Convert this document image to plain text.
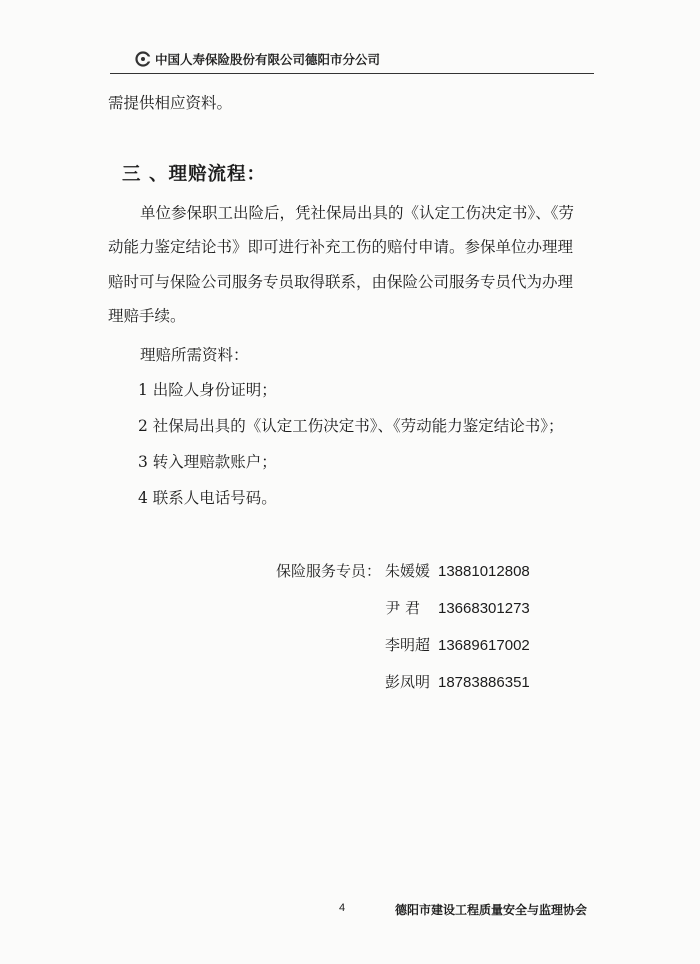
中国人寿保险股份有限公司德阳市分公司
需提供相应资料。
三 、理赔流程：
单位参保职工出险后，凭社保局出具的《认定工伤决定书》、《劳
动能力鉴定结论书》即可进行补充工伤的赔付申请。参保单位办理理
赔时可与保险公司服务专员取得联系，由保险公司服务专员代为办理
理赔手续。
理赔所需资料：
1 出险人身份证明；
2 社保局出具的《认定工伤决定书》、《劳动能力鉴定结论书》；
3 转入理赔款账户；
4 联系人电话号码。
保险服务专员： 朱媛媛 13881012808
尹 君 13668301273
李明超 13689617002
彭凤明 18783886351
4	德阳市建设工程质量安全与监理协会
